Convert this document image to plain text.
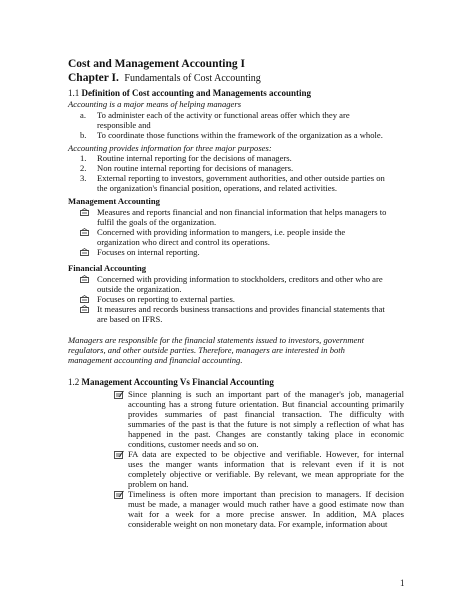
Cost and Management Accounting I
Chapter I. Fundamentals of Cost Accounting
1.1 Definition of Cost accounting and Managements accounting
Accounting is a major means of helping managers
a. To administer each of the activity or functional areas offer which they are
responsible and
b. To coordinate those functions within the framework of the organization as a whole.
Accounting provides information for three major purposes:
1. Routine internal reporting for the decisions of managers.
2. Non routine internal reporting for decisions of managers.
3. External reporting to investors, government authorities, and other outside parties on
the organization's financial position, operations, and related activities.
Management Accounting
Measures and reports financial and non financial information that helps managers to
fulfil the goals of the organization.
Concerned with providing information to mangers, i.e. people inside the
organization who direct and control its operations.
Focuses on internal reporting.
Financial Accounting
Concerned with providing information to stockholders, creditors and other who are
outside the organization.
Focuses on reporting to external parties.
It measures and records business transactions and provides financial statements that
are based on IFRS.
Managers are responsible for the financial statements issued to investors, government
regulators, and other outside parties. Therefore, managers are interested in both
management accounting and financial accounting.
1.2 Management Accounting Vs Financial Accounting
Since planning is such an important part of the manager's job, managerial
accounting has a strong future orientation. But financial accounting primarily
provides summaries of past financial transaction. The difficulty with
summaries of the past is that the future is not simply a reflection of what has
happened in the past. Changes are constantly taking place in economic
conditions, customer needs and so on.
FA data are expected to be objective and verifiable. However, for internal
uses the manger wants information that is relevant even if it is not
completely objective or verifiable. By relevant, we mean appropriate for the
problem on hand.
Timeliness is often more important than precision to managers. If decision
must be made, a manager would much rather have a good estimate now than
wait for a week for a more precise answer. In addition, MA places
considerable weight on non monetary data. For example, information about
1
